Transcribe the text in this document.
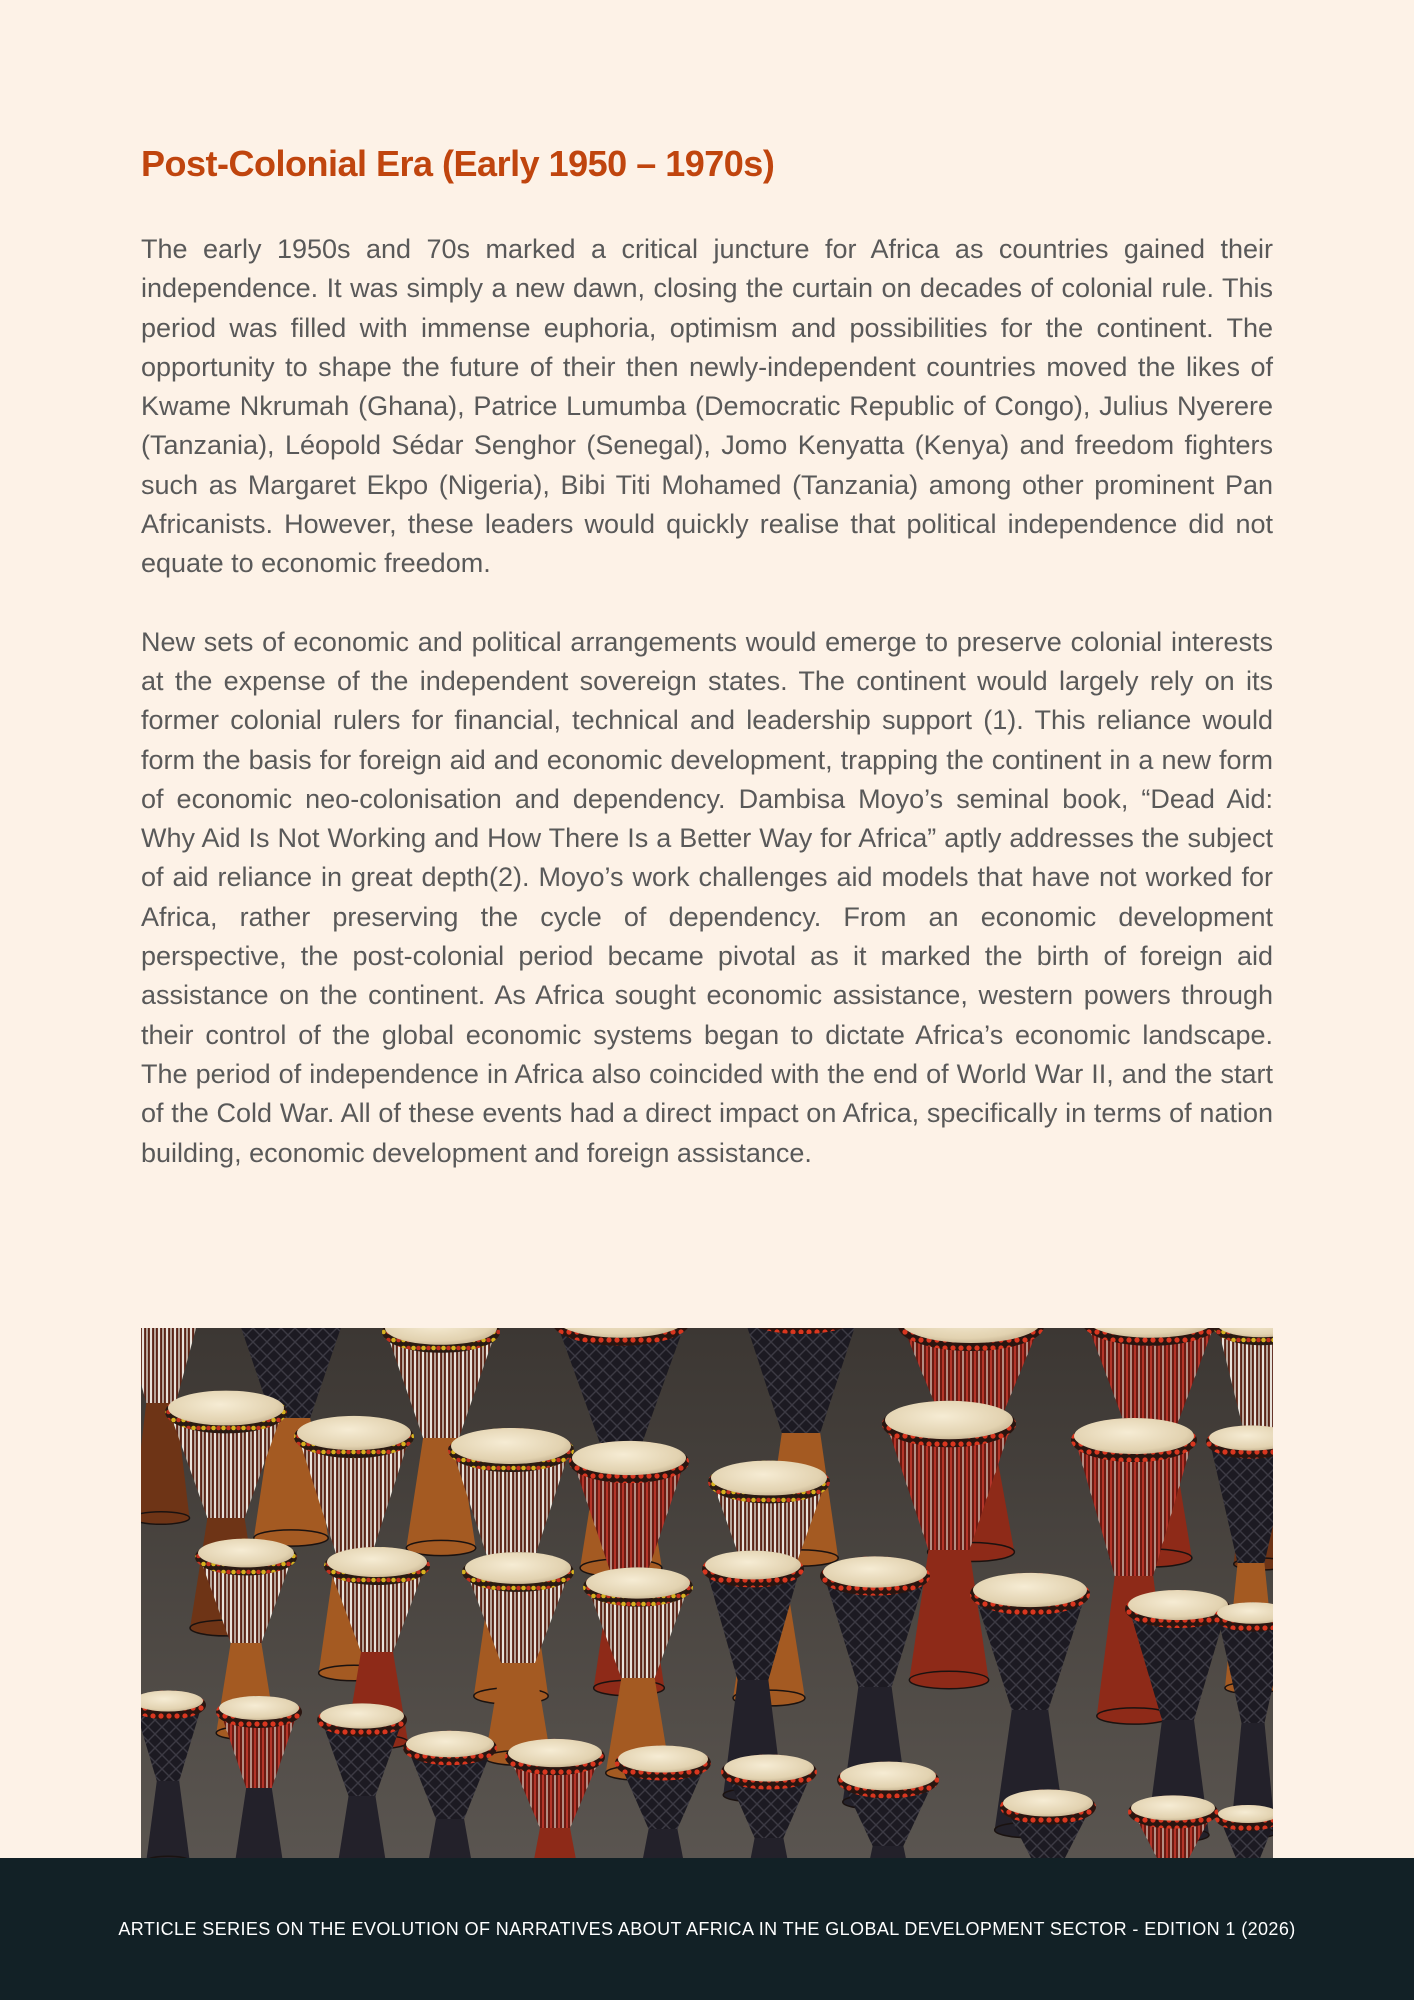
Post-Colonial Era (Early 1950 – 1970s)

The early 1950s and 70s marked a critical juncture for Africa as countries gained their independence. It was simply a new dawn, closing the curtain on decades of colonial rule. This period was filled with immense euphoria, optimism and possibilities for the continent. The opportunity to shape the future of their then newly-independent countries moved the likes of Kwame Nkrumah (Ghana), Patrice Lumumba (Democratic Republic of Congo), Julius Nyerere (Tanzania), Léopold Sédar Senghor (Senegal), Jomo Kenyatta (Kenya) and freedom fighters such as Margaret Ekpo (Nigeria), Bibi Titi Mohamed (Tanzania) among other prominent Pan Africanists. However, these leaders would quickly realise that political independence did not equate to economic freedom.

New sets of economic and political arrangements would emerge to preserve colonial interests at the expense of the independent sovereign states. The continent would largely rely on its former colonial rulers for financial, technical and leadership support (1). This reliance would form the basis for foreign aid and economic development, trapping the continent in a new form of economic neo-colonisation and dependency. Dambisa Moyo’s seminal book, “Dead Aid: Why Aid Is Not Working and How There Is a Better Way for Africa” aptly addresses the subject of aid reliance in great depth(2). Moyo’s work challenges aid models that have not worked for Africa, rather preserving the cycle of dependency. From an economic development perspective, the post-colonial period became pivotal as it marked the birth of foreign aid assistance on the continent. As Africa sought economic assistance, western powers through their control of the global economic systems began to dictate Africa’s economic landscape. The period of independence in Africa also coincided with the end of World War II, and the start of the Cold War. All of these events had a direct impact on Africa, specifically in terms of nation building, economic development and foreign assistance.

ARTICLE SERIES ON THE EVOLUTION OF NARRATIVES ABOUT AFRICA IN THE GLOBAL DEVELOPMENT SECTOR - EDITION 1 (2026)
